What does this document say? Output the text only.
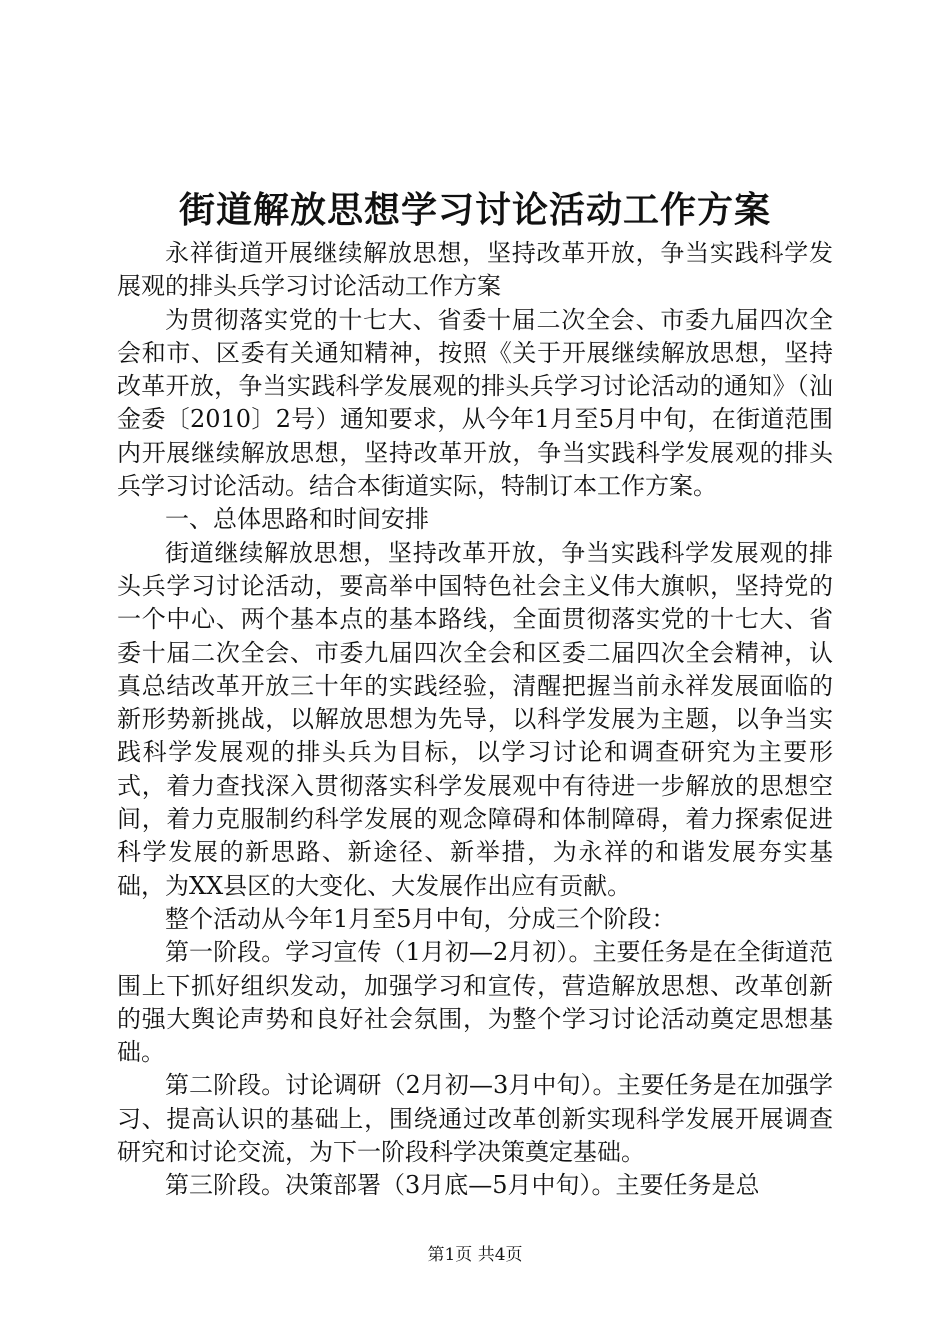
街道解放思想学习讨论活动工作方案

永祥街道开展继续解放思想，坚持改革开放，争当实践科学发展观的排头兵学习讨论活动工作方案

为贯彻落实党的十七大、省委十届二次全会、市委九届四次全会和市、区委有关通知精神，按照《关于开展继续解放思想，坚持改革开放，争当实践科学发展观的排头兵学习讨论活动的通知》（汕金委〔2010〕2号）通知要求，从今年1月至5月中旬，在街道范围内开展继续解放思想，坚持改革开放，争当实践科学发展观的排头兵学习讨论活动。结合本街道实际，特制订本工作方案。

一、总体思路和时间安排

街道继续解放思想，坚持改革开放，争当实践科学发展观的排头兵学习讨论活动，要高举中国特色社会主义伟大旗帜，坚持党的一个中心、两个基本点的基本路线，全面贯彻落实党的十七大、省委十届二次全会、市委九届四次全会和区委二届四次全会精神，认真总结改革开放三十年的实践经验，清醒把握当前永祥发展面临的新形势新挑战，以解放思想为先导，以科学发展为主题，以争当实践科学发展观的排头兵为目标，以学习讨论和调查研究为主要形式，着力查找深入贯彻落实科学发展观中有待进一步解放的思想空间，着力克服制约科学发展的观念障碍和体制障碍，着力探索促进科学发展的新思路、新途径、新举措，为永祥的和谐发展夯实基础，为XX县区的大变化、大发展作出应有贡献。

整个活动从今年1月至5月中旬，分成三个阶段：

第一阶段。学习宣传（1月初—2月初）。主要任务是在全街道范围上下抓好组织发动，加强学习和宣传，营造解放思想、改革创新的强大舆论声势和良好社会氛围，为整个学习讨论活动奠定思想基础。

第二阶段。讨论调研（2月初—3月中旬）。主要任务是在加强学习、提高认识的基础上，围绕通过改革创新实现科学发展开展调查研究和讨论交流，为下一阶段科学决策奠定基础。

第三阶段。决策部署（3月底—5月中旬）。主要任务是总

第1页 共4页
